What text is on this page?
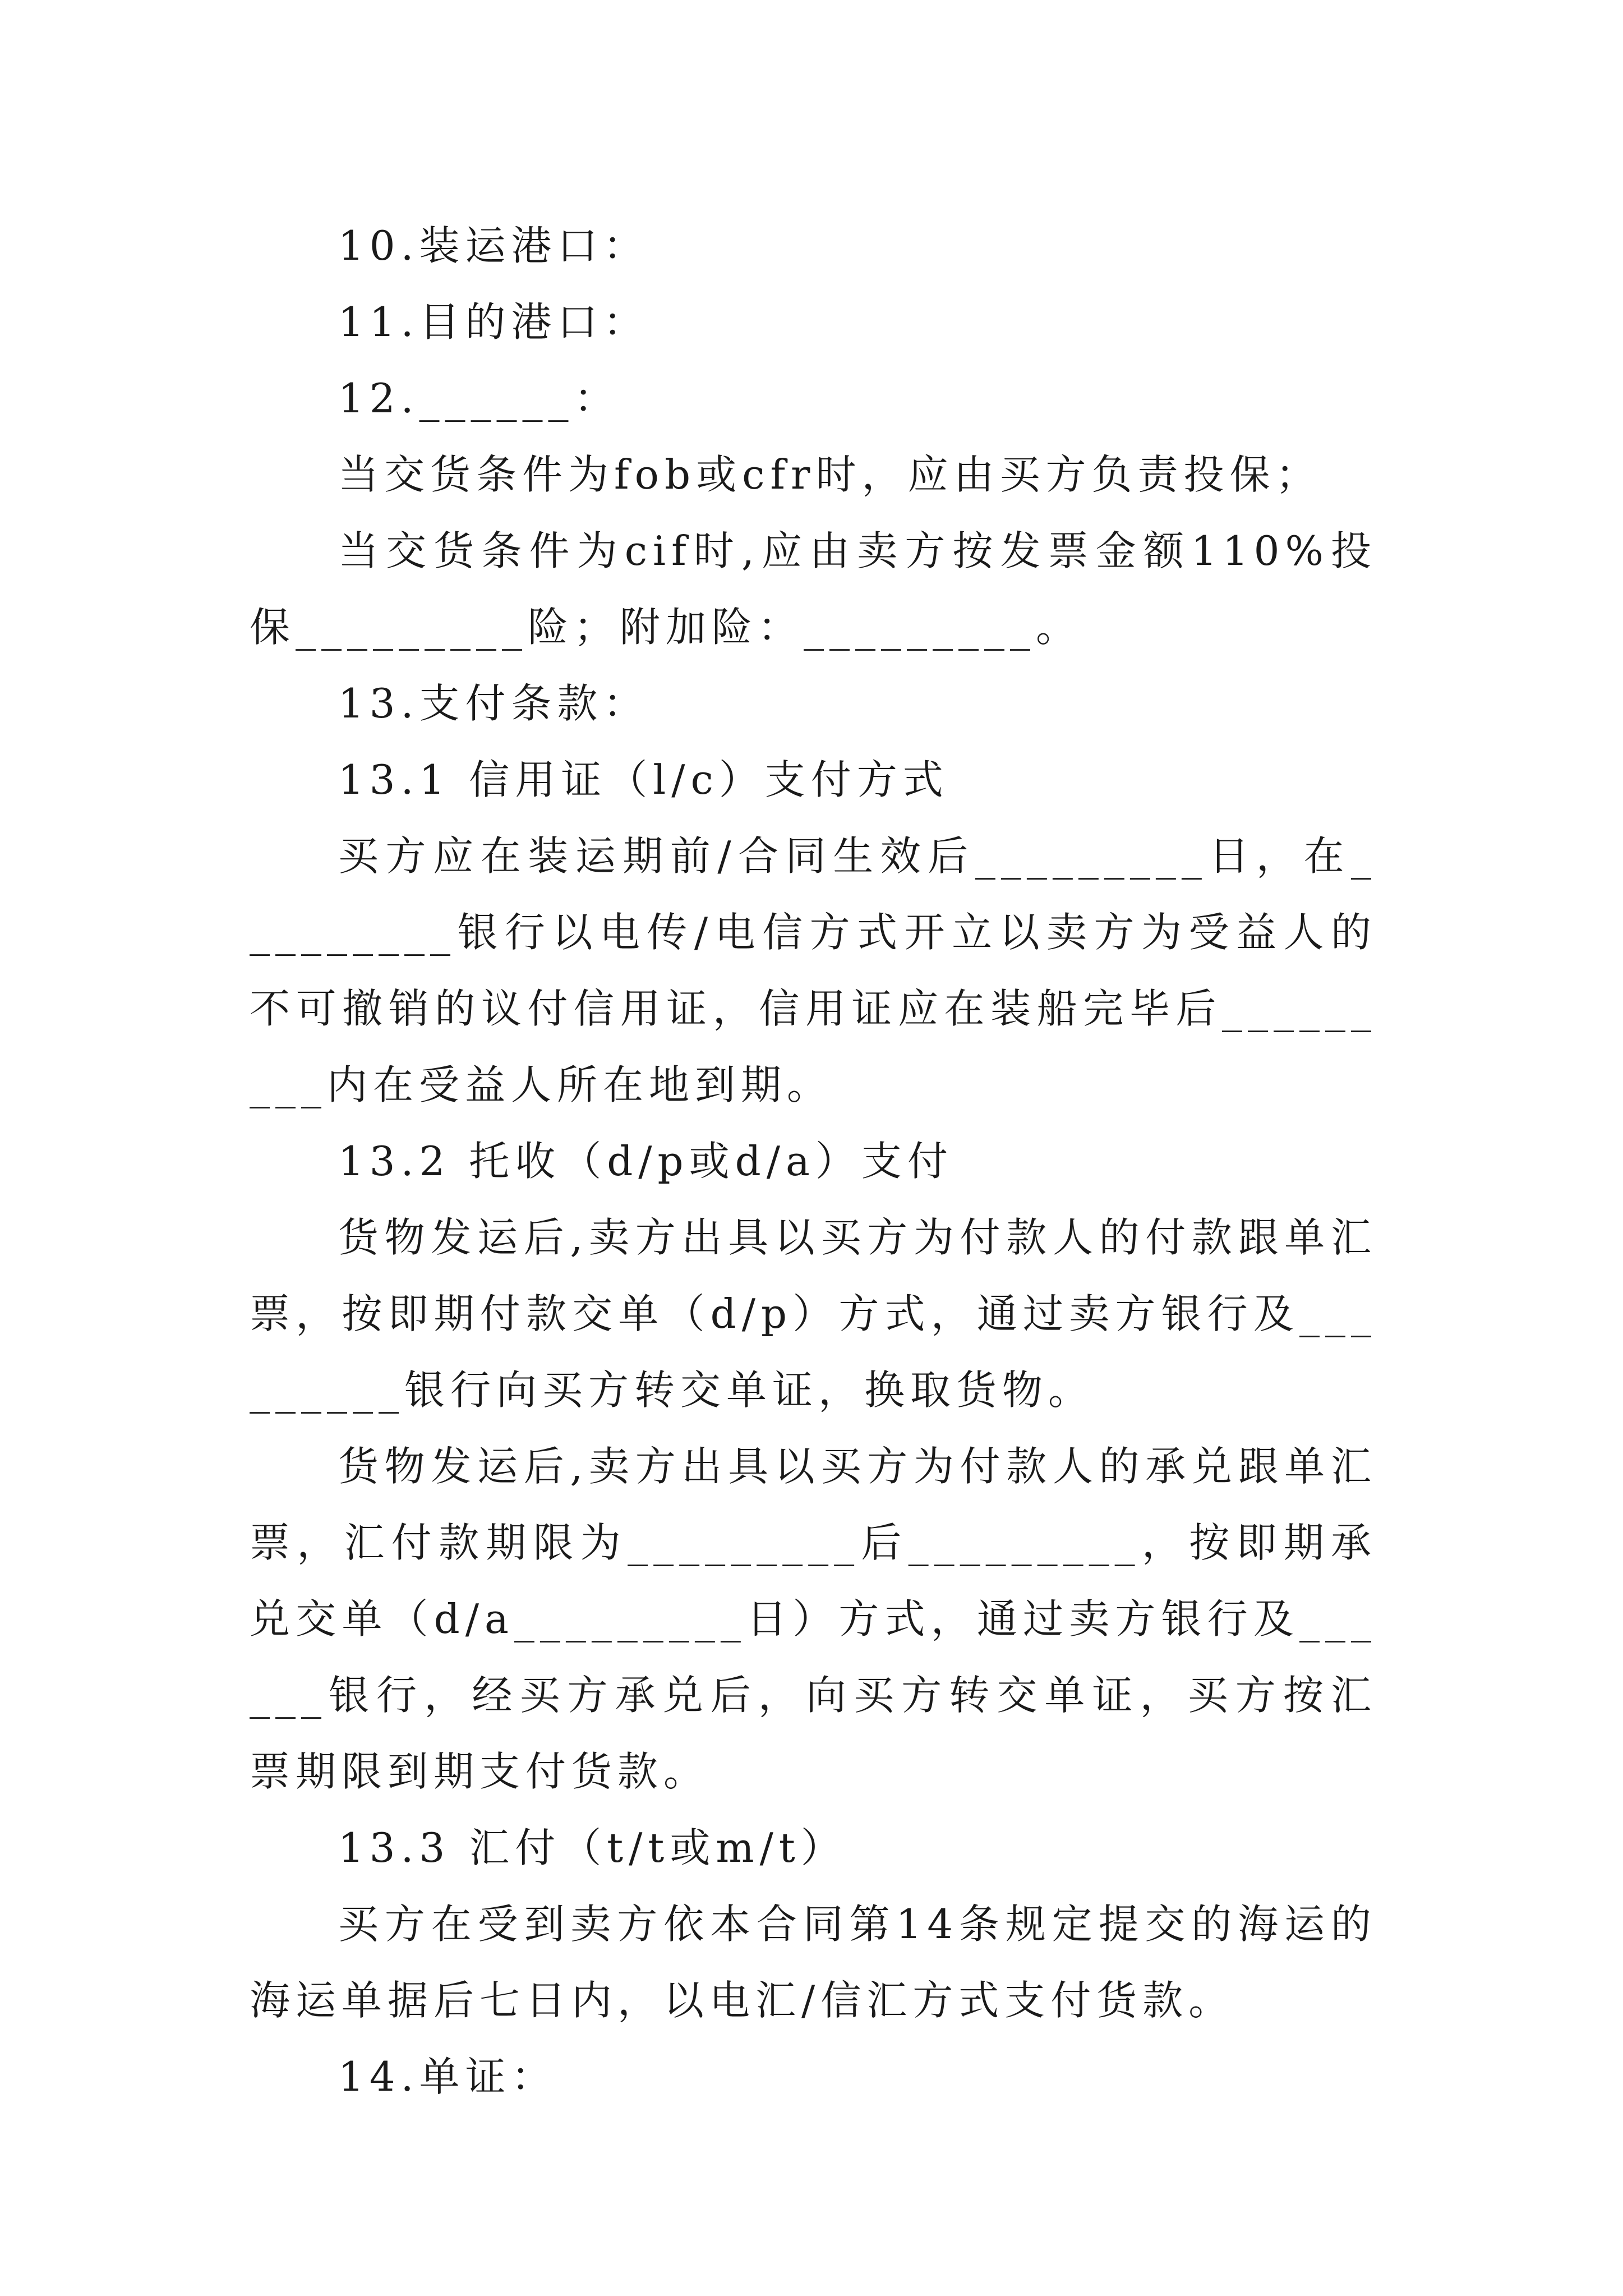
10.装运港口：

11.目的港口：

12.______：

当交货条件为fob或cfr时，应由买方负责投保；

当交货条件为cif时,应由卖方按发票金额110%投保_________险；附加险：_________。

13.支付条款：

13.1 信用证（l/c）支付方式

买方应在装运期前/合同生效后_________日，在_________银行以电传/电信方式开立以卖方为受益人的不可撤销的议付信用证，信用证应在装船完毕后_________内在受益人所在地到期。

13.2 托收（d/p或d/a）支付

货物发运后,卖方出具以买方为付款人的付款跟单汇票，按即期付款交单（d/p）方式，通过卖方银行及_________银行向买方转交单证，换取货物。

货物发运后,卖方出具以买方为付款人的承兑跟单汇票，汇付款期限为_________后_________，按即期承兑交单（d/a_________日）方式，通过卖方银行及______银行，经买方承兑后，向买方转交单证，买方按汇票期限到期支付货款。

13.3 汇付（t/t或m/t）

买方在受到卖方依本合同第14条规定提交的海运的海运单据后七日内，以电汇/信汇方式支付货款。

14.单证：
